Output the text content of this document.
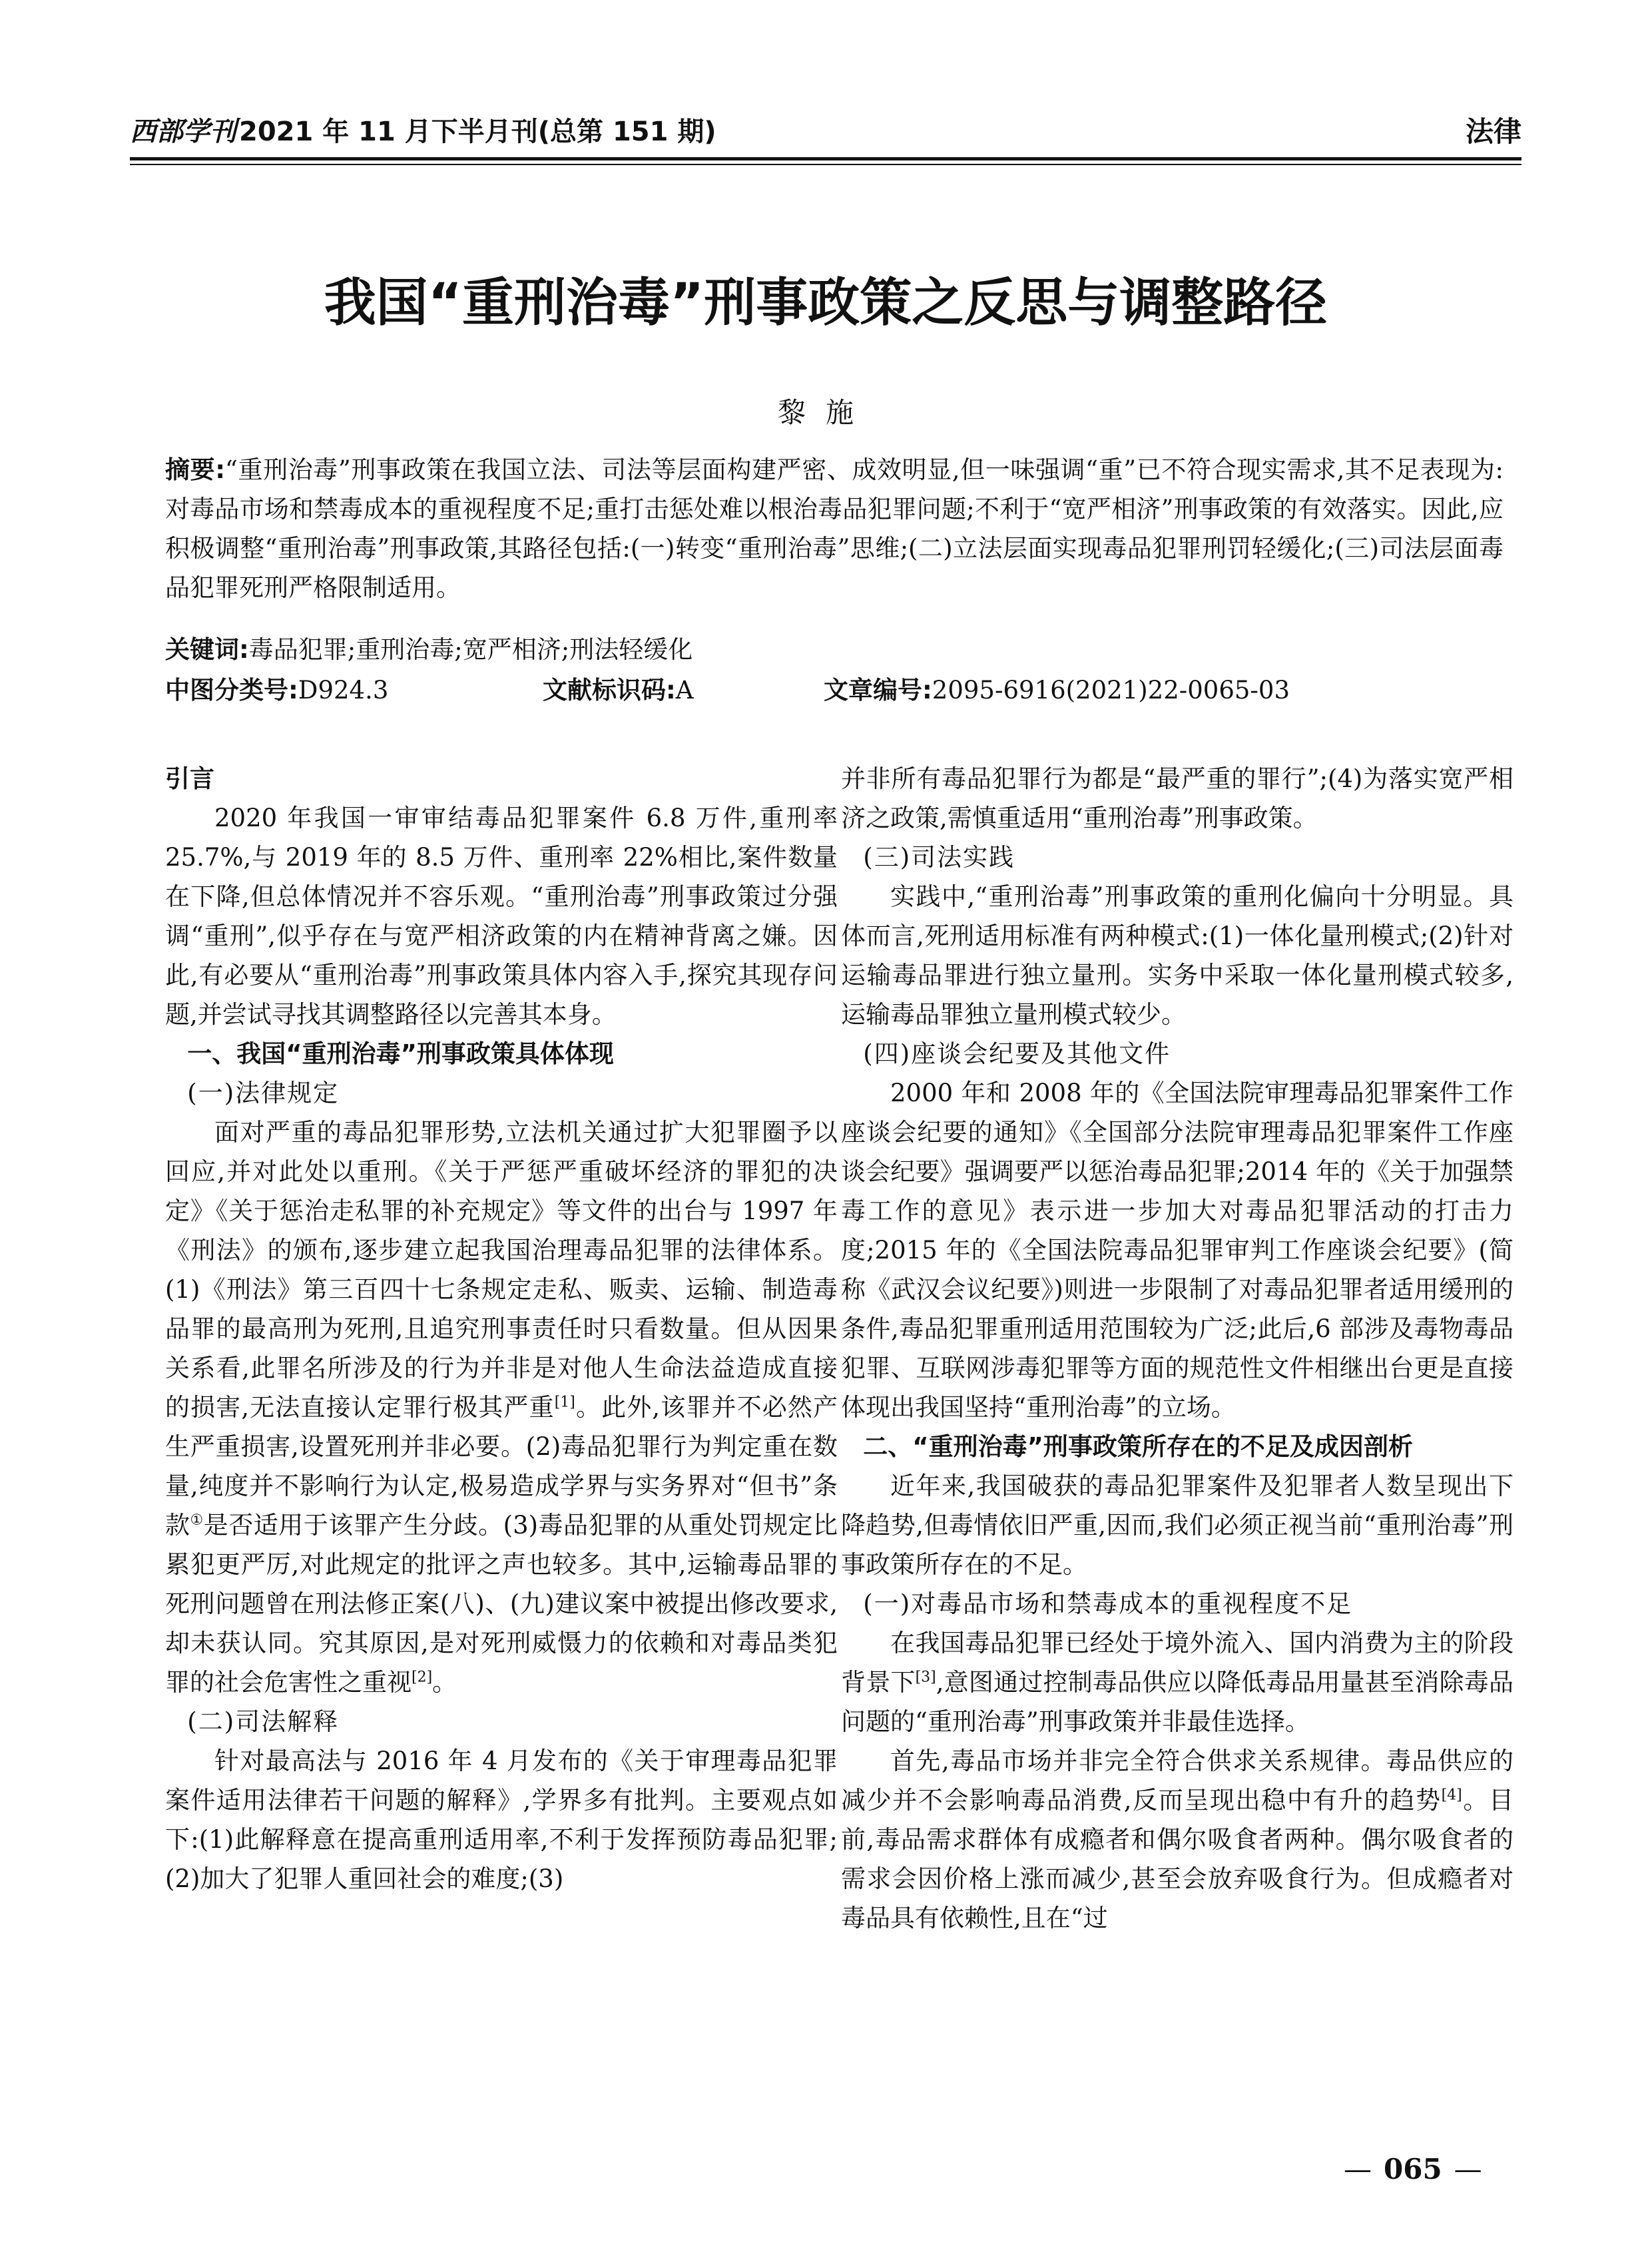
西部学刊 2021 年 11 月下半月刊(总第 151 期)	法律
我国“重刑治毒”刑事政策之反思与调整路径
黎施

摘要:“重刑治毒”刑事政策在我国立法、司法等层面构建严密、成效明显,但一味强调“重”已不符合现实需求,其不足表现为:对毒品市场和禁毒成本的重视程度不足;重打击惩处难以根治毒品犯罪问题;不利于“宽严相济”刑事政策的有效落实。因此,应积极调整“重刑治毒”刑事政策,其路径包括:(一)转变“重刑治毒”思维;(二)立法层面实现毒品犯罪刑罚轻缓化;(三)司法层面毒品犯罪死刑严格限制适用。

关键词:毒品犯罪;重刑治毒;宽严相济;刑法轻缓化

中图分类号:D924.3	文献标识码:A	文章编号:2095-6916(2021)22-0065-03

引言

2020 年我国一审审结毒品犯罪案件 6.8 万件,重刑率 25.7%,与 2019 年的 8.5 万件、重刑率 22%相比,案件数量在下降,但总体情况并不容乐观。“重刑治毒”刑事政策过分强调“重刑”,似乎存在与宽严相济政策的内在精神背离之嫌。因此,有必要从“重刑治毒”刑事政策具体内容入手,探究其现存问题,并尝试寻找其调整路径以完善其本身。

一、我国“重刑治毒”刑事政策具体体现

(一)法律规定

面对严重的毒品犯罪形势,立法机关通过扩大犯罪圈予以回应,并对此处以重刑。《关于严惩严重破坏经济的罪犯的决定》《关于惩治走私罪的补充规定》等文件的出台与 1997 年《刑法》的颁布,逐步建立起我国治理毒品犯罪的法律体系。(1)《刑法》第三百四十七条规定走私、贩卖、运输、制造毒品罪的最高刑为死刑,且追究刑事责任时只看数量。但从因果关系看,此罪名所涉及的行为并非是对他人生命法益造成直接的损害,无法直接认定罪行极其严重[1]。此外,该罪并不必然产生严重损害,设置死刑并非必要。(2)毒品犯罪行为判定重在数量,纯度并不影响行为认定,极易造成学界与实务界对“但书”条款①是否适用于该罪产生分歧。(3)毒品犯罪的从重处罚规定比累犯更严厉,对此规定的批评之声也较多。其中,运输毒品罪的死刑问题曾在刑法修正案(八)、(九)建议案中被提出修改要求,却未获认同。究其原因,是对死刑威慑力的依赖和对毒品类犯罪的社会危害性之重视[2]。

(二)司法解释

针对最高法与 2016 年 4 月发布的《关于审理毒品犯罪案件适用法律若干问题的解释》,学界多有批判。主要观点如下:(1)此解释意在提高重刑适用率,不利于发挥预防毒品犯罪;(2)加大了犯罪人重回社会的难度;(3)

并非所有毒品犯罪行为都是“最严重的罪行”;(4)为落实宽严相济之政策,需慎重适用“重刑治毒”刑事政策。

(三)司法实践

实践中,“重刑治毒”刑事政策的重刑化偏向十分明显。具体而言,死刑适用标准有两种模式:(1)一体化量刑模式;(2)针对运输毒品罪进行独立量刑。实务中采取一体化量刑模式较多,运输毒品罪独立量刑模式较少。

(四)座谈会纪要及其他文件

2000 年和 2008 年的《全国法院审理毒品犯罪案件工作座谈会纪要的通知》《全国部分法院审理毒品犯罪案件工作座谈会纪要》强调要严以惩治毒品犯罪;2014 年的《关于加强禁毒工作的意见》表示进一步加大对毒品犯罪活动的打击力度;2015 年的《全国法院毒品犯罪审判工作座谈会纪要》(简称《武汉会议纪要》)则进一步限制了对毒品犯罪者适用缓刑的条件,毒品犯罪重刑适用范围较为广泛;此后,6 部涉及毒物毒品犯罪、互联网涉毒犯罪等方面的规范性文件相继出台更是直接体现出我国坚持“重刑治毒”的立场。

二、“重刑治毒”刑事政策所存在的不足及成因剖析

近年来,我国破获的毒品犯罪案件及犯罪者人数呈现出下降趋势,但毒情依旧严重,因而,我们必须正视当前“重刑治毒”刑事政策所存在的不足。

(一)对毒品市场和禁毒成本的重视程度不足

在我国毒品犯罪已经处于境外流入、国内消费为主的阶段背景下[3],意图通过控制毒品供应以降低毒品用量甚至消除毒品问题的“重刑治毒”刑事政策并非最佳选择。

首先,毒品市场并非完全符合供求关系规律。毒品供应的减少并不会影响毒品消费,反而呈现出稳中有升的趋势[4]。目前,毒品需求群体有成瘾者和偶尔吸食者两种。偶尔吸食者的需求会因价格上涨而减少,甚至会放弃吸食行为。但成瘾者对毒品具有依赖性,且在“过

— 065 —
